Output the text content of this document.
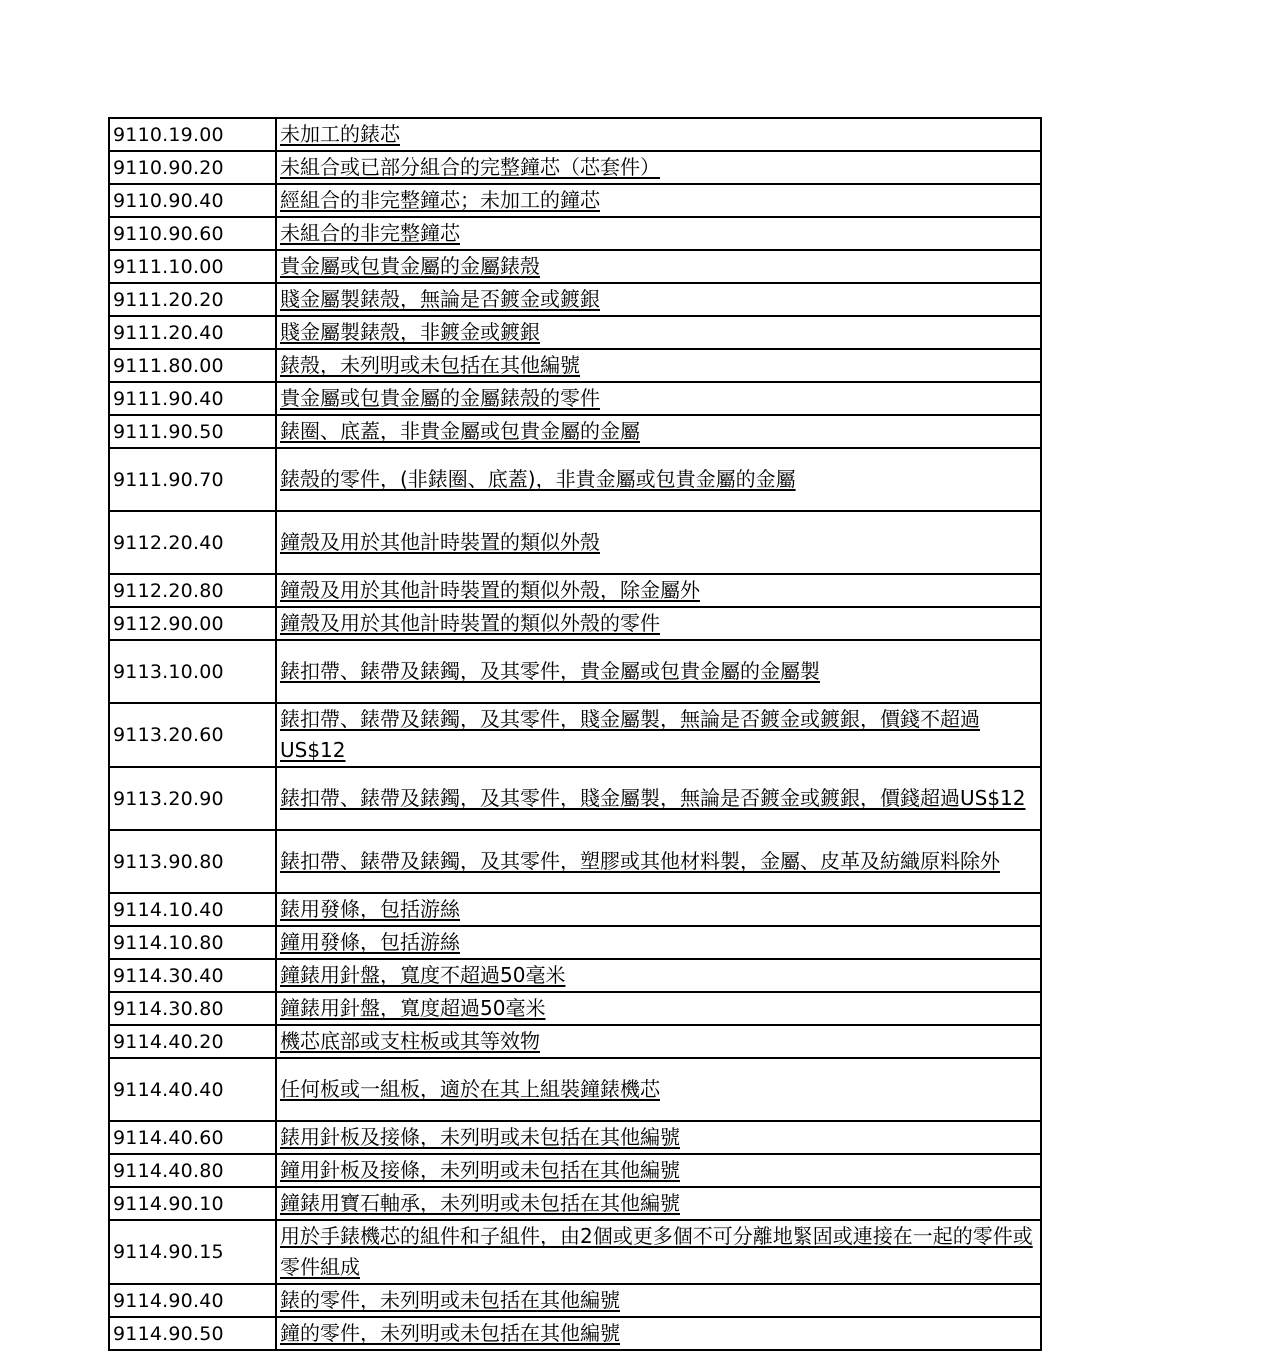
9110.19.00	未加工的錶芯
9110.90.20	未組合或已部分組合的完整鐘芯（芯套件）
9110.90.40	經組合的非完整鐘芯；未加工的鐘芯
9110.90.60	未組合的非完整鐘芯
9111.10.00	貴金屬或包貴金屬的金屬錶殼
9111.20.20	賤金屬製錶殼，無論是否鍍金或鍍銀
9111.20.40	賤金屬製錶殼，非鍍金或鍍銀
9111.80.00	錶殼，未列明或未包括在其他編號
9111.90.40	貴金屬或包貴金屬的金屬錶殼的零件
9111.90.50	錶圈、底蓋，非貴金屬或包貴金屬的金屬
9111.90.70	錶殼的零件，(非錶圈、底蓋)，非貴金屬或包貴金屬的金屬
9112.20.40	鐘殼及用於其他計時裝置的類似外殼
9112.20.80	鐘殼及用於其他計時裝置的類似外殼，除金屬外
9112.90.00	鐘殼及用於其他計時裝置的類似外殼的零件
9113.10.00	錶扣帶、錶帶及錶鐲，及其零件，貴金屬或包貴金屬的金屬製
9113.20.60	錶扣帶、錶帶及錶鐲，及其零件，賤金屬製，無論是否鍍金或鍍銀，價錢不超過US$12
9113.20.90	錶扣帶、錶帶及錶鐲，及其零件，賤金屬製，無論是否鍍金或鍍銀，價錢超過US$12
9113.90.80	錶扣帶、錶帶及錶鐲，及其零件，塑膠或其他材料製，金屬、皮革及紡織原料除外
9114.10.40	錶用發條，包括游絲
9114.10.80	鐘用發條，包括游絲
9114.30.40	鐘錶用針盤，寬度不超過50毫米
9114.30.80	鐘錶用針盤，寬度超過50毫米
9114.40.20	機芯底部或支柱板或其等效物
9114.40.40	任何板或一組板，適於在其上組裝鐘錶機芯
9114.40.60	錶用針板及接條，未列明或未包括在其他編號
9114.40.80	鐘用針板及接條，未列明或未包括在其他編號
9114.90.10	鐘錶用寶石軸承，未列明或未包括在其他編號
9114.90.15	用於手錶機芯的組件和子組件，由2個或更多個不可分離地緊固或連接在一起的零件或零件組成
9114.90.40	錶的零件，未列明或未包括在其他編號
9114.90.50	鐘的零件，未列明或未包括在其他編號
